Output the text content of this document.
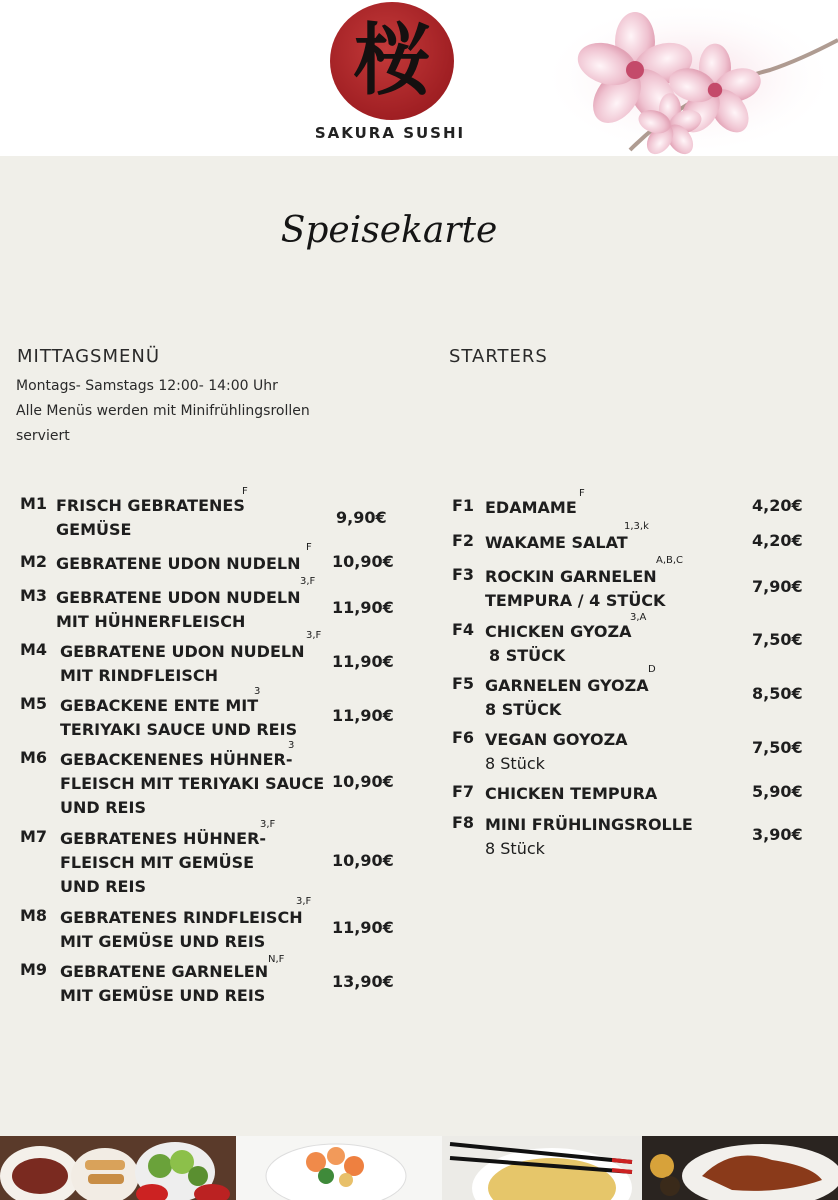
桜
SAKURA SUSHI
Speisekarte
MITTAGSMENÜ
Montags- Samstags 12:00- 14:00 Uhr
Alle Menüs werden mit Minifrühlingsrollen
serviert
STARTERS
M1 FRISCH GEBRATENES
GEMÜSE
F
9,90€
M2 GEBRATENE UDON NUDELN
F
10,90€
M3 GEBRATENE UDON NUDELN
MIT HÜHNERFLEISCH
3,F
11,90€
M4 GEBRATENE UDON NUDELN
MIT RINDFLEISCH
3,F
11,90€
M5 GEBACKENE ENTE MIT
TERIYAKI SAUCE UND REIS
3
11,90€
M6 GEBACKENENES HÜHNER-
FLEISCH MIT TERIYAKI SAUCE
UND REIS
3
10,90€
M7 GEBRATENES HÜHNER-
FLEISCH MIT GEMÜSE
UND REIS
3,F
10,90€
M8 GEBRATENES RINDFLEISCH
MIT GEMÜSE UND REIS
3,F
11,90€
M9 GEBRATENE GARNELEN
MIT GEMÜSE UND REIS
N,F
13,90€
F1 EDAMAME
F
4,20€
F2 WAKAME SALAT
1,3,k
4,20€
F3 ROCKIN GARNELEN
TEMPURA / 4 STÜCK
A,B,C
7,90€
F4 CHICKEN GYOZA
8 STÜCK
3,A
7,50€
F5 GARNELEN GYOZA
8 STÜCK
D
8,50€
F6 VEGAN GOYOZA
8 Stück
7,50€
F7 CHICKEN TEMPURA	5,90€
F8 MINI FRÜHLINGSROLLE
8 Stück
3,90€
